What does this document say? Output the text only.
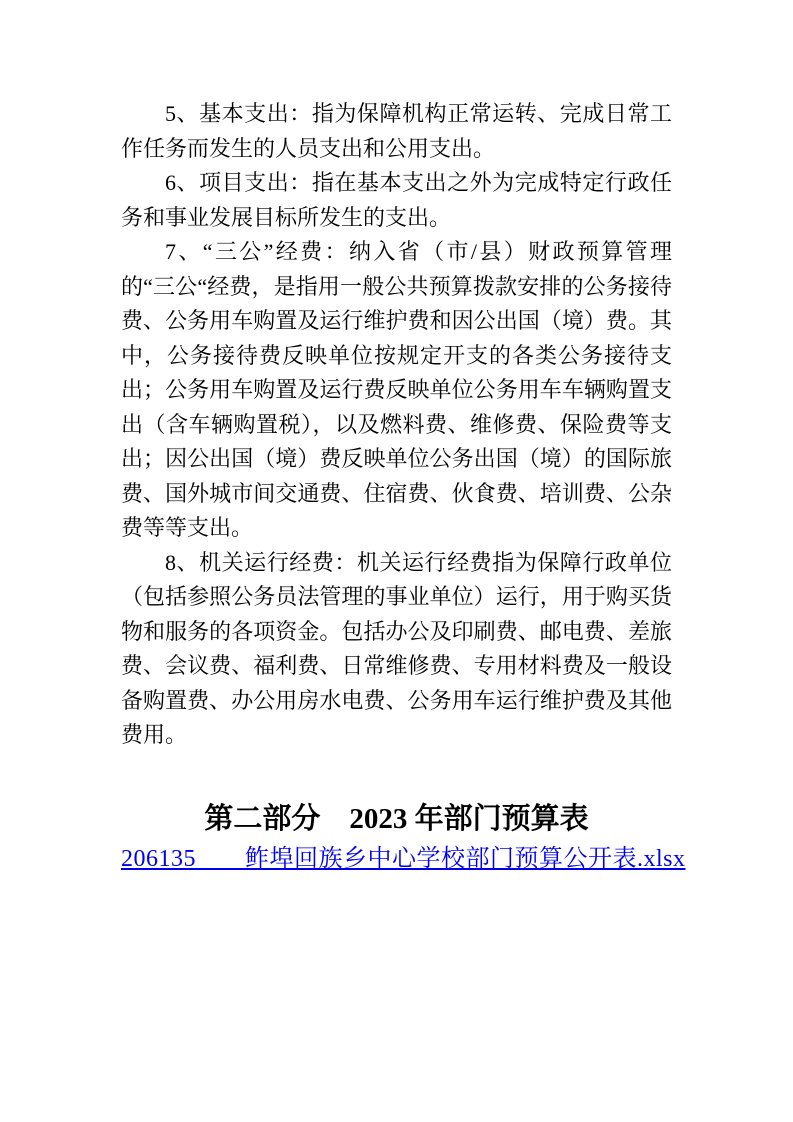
5、基本支出：指为保障机构正常运转、完成日常工作任务而发生的人员支出和公用支出。

6、项目支出：指在基本支出之外为完成特定行政任务和事业发展目标所发生的支出。

7、“三公”经费：纳入省（市/县）财政预算管理的“三公“经费，是指用一般公共预算拨款安排的公务接待费、公务用车购置及运行维护费和因公出国（境）费。其中，公务接待费反映单位按规定开支的各类公务接待支出；公务用车购置及运行费反映单位公务用车车辆购置支出（含车辆购置税），以及燃料费、维修费、保险费等支出；因公出国（境）费反映单位公务出国（境）的国际旅费、国外城市间交通费、住宿费、伙食费、培训费、公杂费等等支出。

8、机关运行经费：机关运行经费指为保障行政单位（包括参照公务员法管理的事业单位）运行，用于购买货物和服务的各项资金。包括办公及印刷费、邮电费、差旅费、会议费、福利费、日常维修费、专用材料费及一般设备购置费、办公用房水电费、公务用车运行维护费及其他费用。

第二部分　2023 年部门预算表

206135　　鲊埠回族乡中心学校部门预算公开表.xlsx
